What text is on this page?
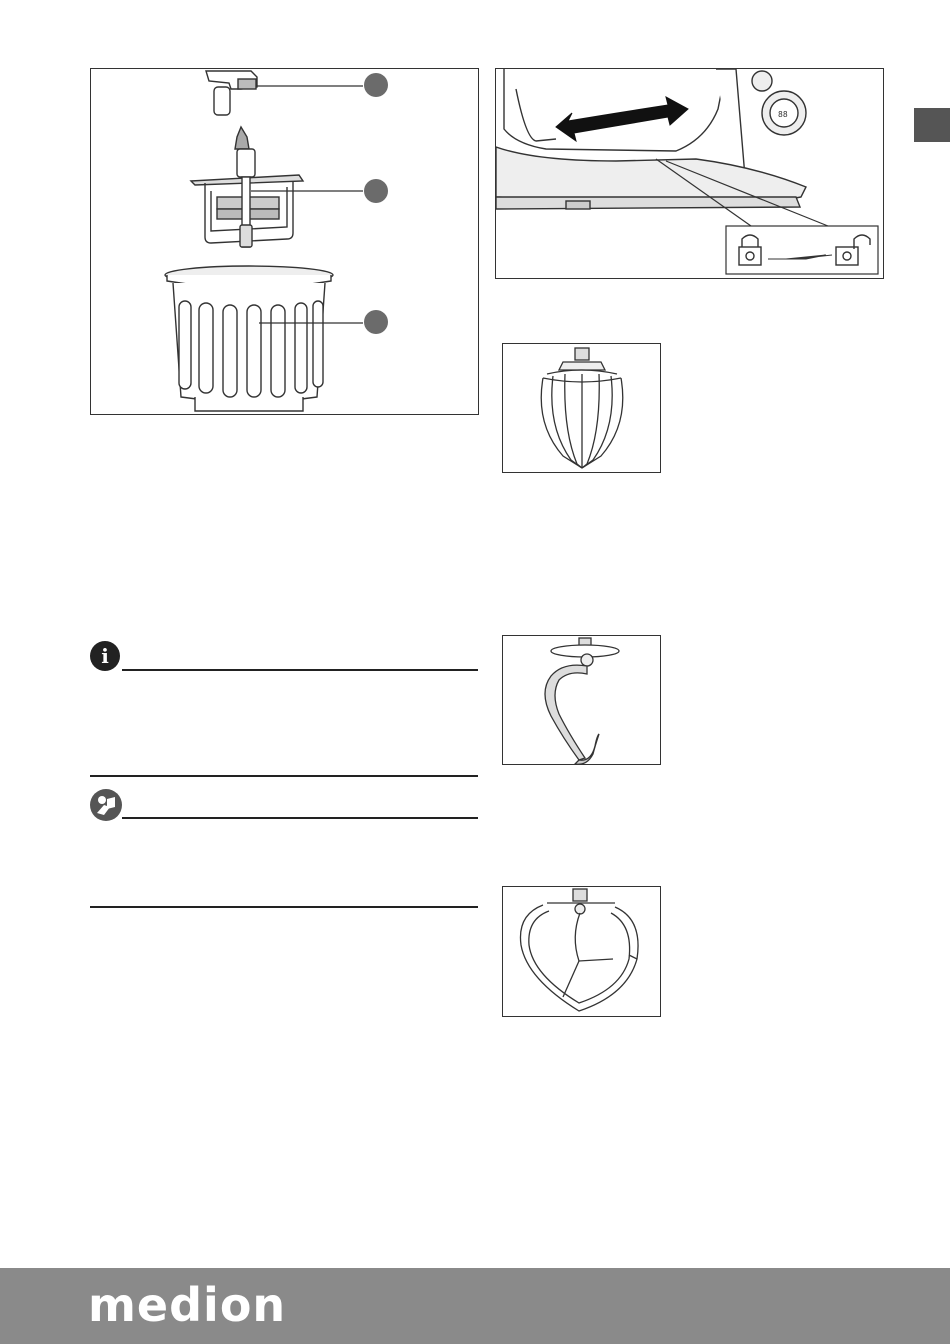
88
i
medion
